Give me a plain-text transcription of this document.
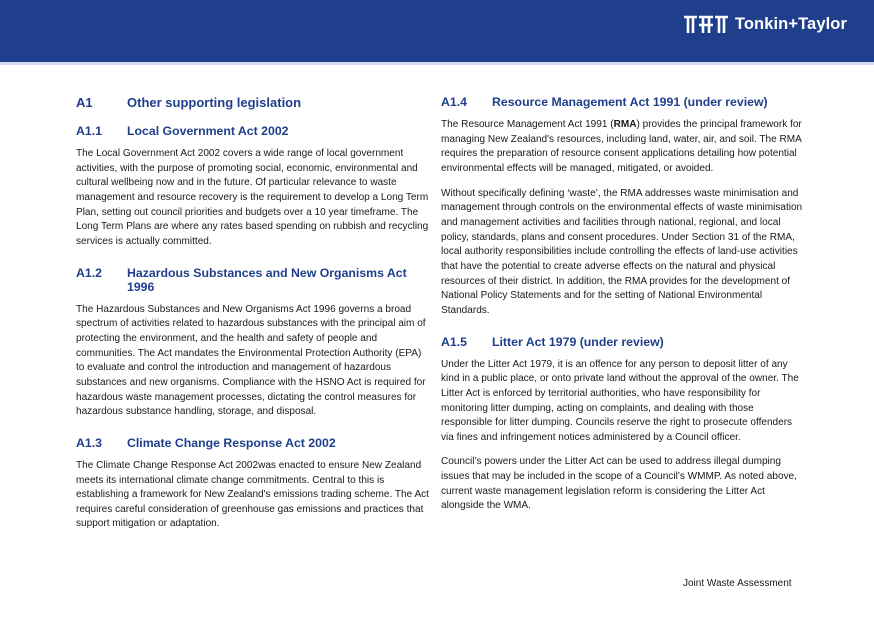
Tonkin+Taylor
A1	Other supporting legislation
A1.1	Local Government Act 2002

The Local Government Act 2002 covers a wide range of local government activities, with the purpose of promoting social, economic, environmental and cultural wellbeing now and in the future. Of particular relevance to waste management and resource recovery is the requirement to develop a Long Term Plan, setting out council priorities and budgets over a 10 year timeframe. The Long Term Plans are where any rates based spending on rubbish and recycling services is actually committed.

A1.2	Hazardous Substances and New Organisms Act 1996

The Hazardous Substances and New Organisms Act 1996 governs a broad spectrum of activities related to hazardous substances with the principal aim of protecting the environment, and the health and safety of people and communities. The Act mandates the Environmental Protection Authority (EPA) to evaluate and control the introduction and management of hazardous substances and new organisms. Compliance with the HSNO Act is required for hazardous waste management processes, dictating the control measures for hazardous substance handling, storage, and disposal.

A1.3	Climate Change Response Act 2002

The Climate Change Response Act 2002was enacted to ensure New Zealand meets its international climate change commitments. Central to this is establishing a framework for New Zealand's emissions trading scheme. The Act requires careful consideration of greenhouse gas emissions and practices that support mitigation or adaptation.

A1.4	Resource Management Act 1991 (under review)

The Resource Management Act 1991 (RMA) provides the principal framework for managing New Zealand's resources, including land, water, air, and soil. The RMA requires the preparation of resource consent applications detailing how potential environmental effects will be managed, mitigated, or avoided.

Without specifically defining ‘waste’, the RMA addresses waste minimisation and management through controls on the environmental effects of waste minimisation and management activities and facilities through national, regional, and local policy, standards, plans and consent procedures. Under Section 31 of the RMA, local authority responsibilities include controlling the effects of land-use activities that have the potential to create adverse effects on the natural and physical resources of their district. In addition, the RMA provides for the development of National Policy Statements and for the setting of National Environmental Standards.

A1.5	Litter Act 1979 (under review)

Under the Litter Act 1979, it is an offence for any person to deposit litter of any kind in a public place, or onto private land without the approval of the owner. The Litter Act is enforced by territorial authorities, who have responsibility for monitoring litter dumping, acting on complaints, and dealing with those responsible for litter dumping. Councils reserve the right to prosecute offenders via fines and infringement notices administered by a Council officer.

Council’s powers under the Litter Act can be used to address illegal dumping issues that may be included in the scope of a Council’s WMMP. As noted above, current waste management legislation reform is considering the Litter Act alongside the WMA.

Joint Waste Assessment
